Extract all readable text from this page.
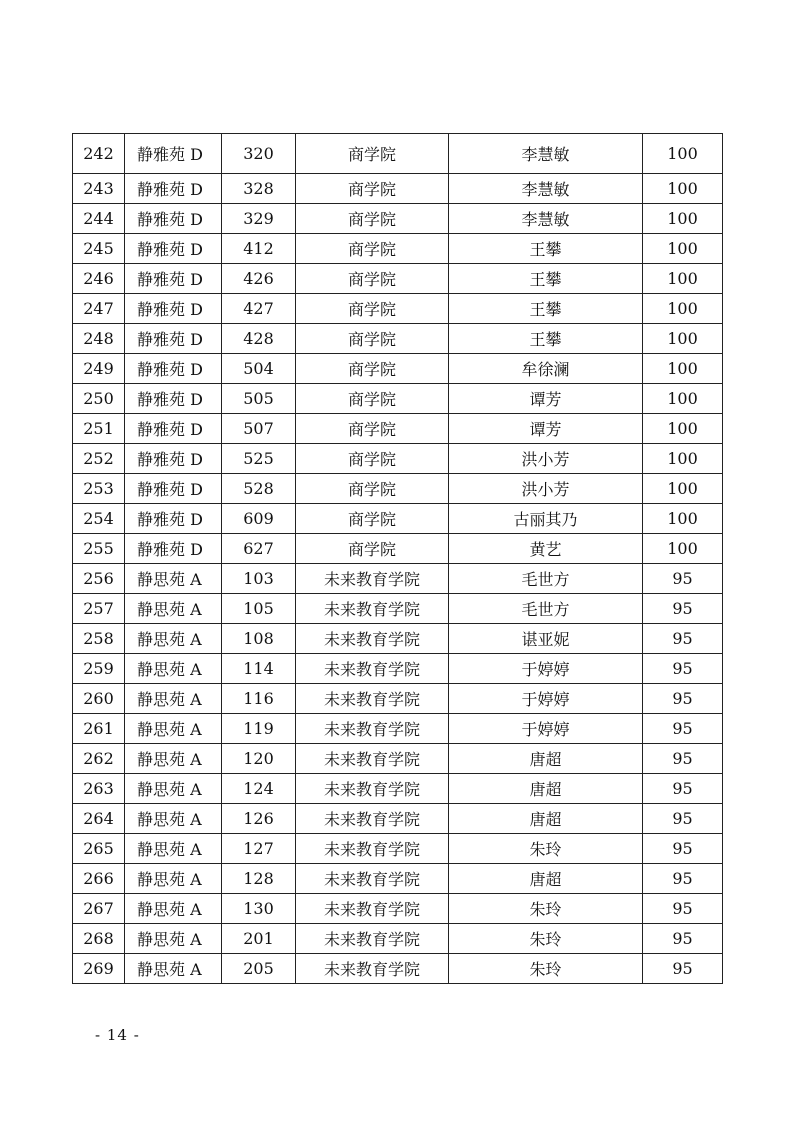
242	静雅苑 D	320	商学院	李慧敏	100
243	静雅苑 D	328	商学院	李慧敏	100
244	静雅苑 D	329	商学院	李慧敏	100
245	静雅苑 D	412	商学院	王攀	100
246	静雅苑 D	426	商学院	王攀	100
247	静雅苑 D	427	商学院	王攀	100
248	静雅苑 D	428	商学院	王攀	100
249	静雅苑 D	504	商学院	牟徐澜	100
250	静雅苑 D	505	商学院	谭芳	100
251	静雅苑 D	507	商学院	谭芳	100
252	静雅苑 D	525	商学院	洪小芳	100
253	静雅苑 D	528	商学院	洪小芳	100
254	静雅苑 D	609	商学院	古丽其乃	100
255	静雅苑 D	627	商学院	黄艺	100
256	静思苑 A	103	未来教育学院	毛世方	95
257	静思苑 A	105	未来教育学院	毛世方	95
258	静思苑 A	108	未来教育学院	谌亚妮	95
259	静思苑 A	114	未来教育学院	于婷婷	95
260	静思苑 A	116	未来教育学院	于婷婷	95
261	静思苑 A	119	未来教育学院	于婷婷	95
262	静思苑 A	120	未来教育学院	唐超	95
263	静思苑 A	124	未来教育学院	唐超	95
264	静思苑 A	126	未来教育学院	唐超	95
265	静思苑 A	127	未来教育学院	朱玲	95
266	静思苑 A	128	未来教育学院	唐超	95
267	静思苑 A	130	未来教育学院	朱玲	95
268	静思苑 A	201	未来教育学院	朱玲	95
269	静思苑 A	205	未来教育学院	朱玲	95
- 14 -
